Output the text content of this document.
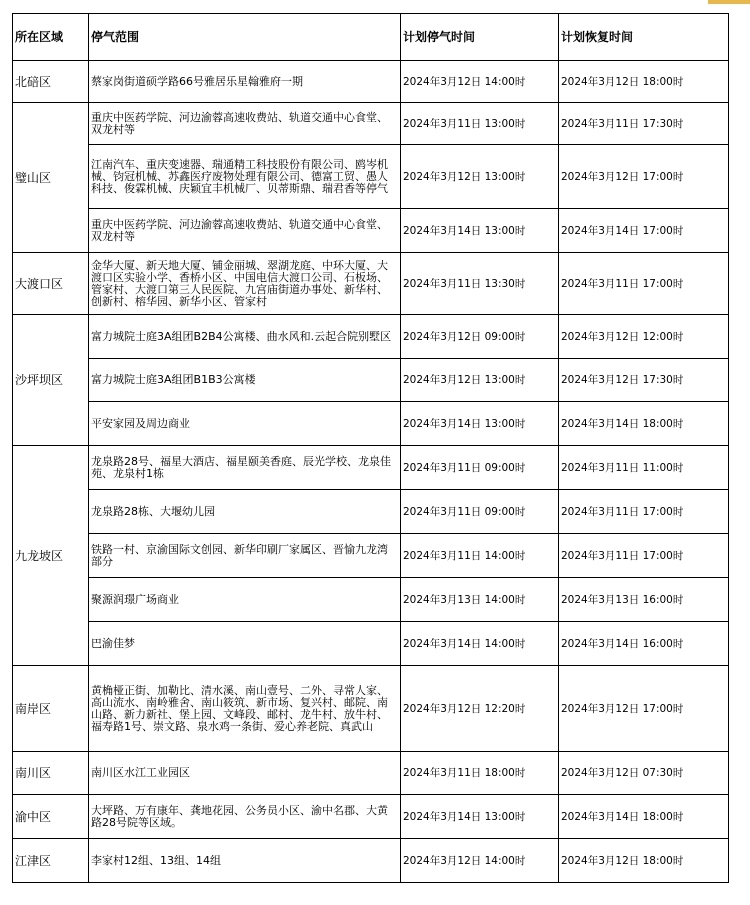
所在区域	停气范围	计划停气时间	计划恢复时间
北碚区	蔡家岗街道硕学路66号雅居乐星翰雅府一期	2024年3月12日 14:00时	2024年3月12日 18:00时
璧山区	重庆中医药学院、河边渝蓉高速收费站、轨道交通中心食堂、双龙村等	2024年3月11日 13:00时	2024年3月11日 17:30时
	江南汽车、重庆变速器、瑞通精工科技股份有限公司、鸥岑机械、钧冠机械、苏鑫医疗废物处理有限公司、德富工贸、愚人科技、俊霖机械、庆颖宜丰机械厂、贝蒂斯鼎、瑞君香等停气	2024年3月12日 13:00时	2024年3月12日 17:00时
	重庆中医药学院、河边渝蓉高速收费站、轨道交通中心食堂、双龙村等	2024年3月14日 13:00时	2024年3月14日 17:00时
大渡口区	金华大厦、新天地大厦、铺金丽城、翠湖龙庭、中环大厦、大渡口区实验小学、香桥小区、中国电信大渡口公司、石板场、管家村、大渡口第三人民医院、九宫庙街道办事处、新华村、创新村、榕华园、新华小区、管家村	2024年3月11日 13:30时	2024年3月11日 17:00时
沙坪坝区	富力城院士庭3A组团B2B4公寓楼、曲水风和.云起合院别墅区	2024年3月12日 09:00时	2024年3月12日 12:00时
	富力城院士庭3A组团B1B3公寓楼	2024年3月12日 13:00时	2024年3月12日 17:30时
	平安家园及周边商业	2024年3月14日 13:00时	2024年3月14日 18:00时
九龙坡区	龙泉路28号、福星大酒店、福星颐美香庭、辰光学校、龙泉佳苑、龙泉村1栋	2024年3月11日 09:00时	2024年3月11日 11:00时
	龙泉路28栋、大堰幼儿园	2024年3月11日 09:00时	2024年3月11日 17:00时
	铁路一村、京渝国际文创园、新华印刷厂家属区、晋愉九龙湾部分	2024年3月11日 14:00时	2024年3月11日 17:00时
	聚源润璟广场商业	2024年3月13日 14:00时	2024年3月13日 16:00时
	巴渝佳梦	2024年3月14日 14:00时	2024年3月14日 16:00时
南岸区	黄桷桠正街、加勒比、清水溪、南山壹号、二外、寻常人家、高山流水、南岭雅舍、南山筱筑、新市场、复兴村、邮院、南山路、新力新社、堡上园、文峰段、邮村、龙牛村、放牛村、福寿路1号、崇文路、泉水鸡一条街、爱心养老院、真武山	2024年3月12日 12:20时	2024年3月12日 17:00时
南川区	南川区水江工业园区	2024年3月11日 18:00时	2024年3月12日 07:30时
渝中区	大坪路、万有康年、龚地花园、公务员小区、渝中名郡、大黄路28号院等区域。	2024年3月14日 13:00时	2024年3月14日 18:00时
江津区	李家村12组、13组、14组	2024年3月12日 14:00时	2024年3月12日 18:00时
